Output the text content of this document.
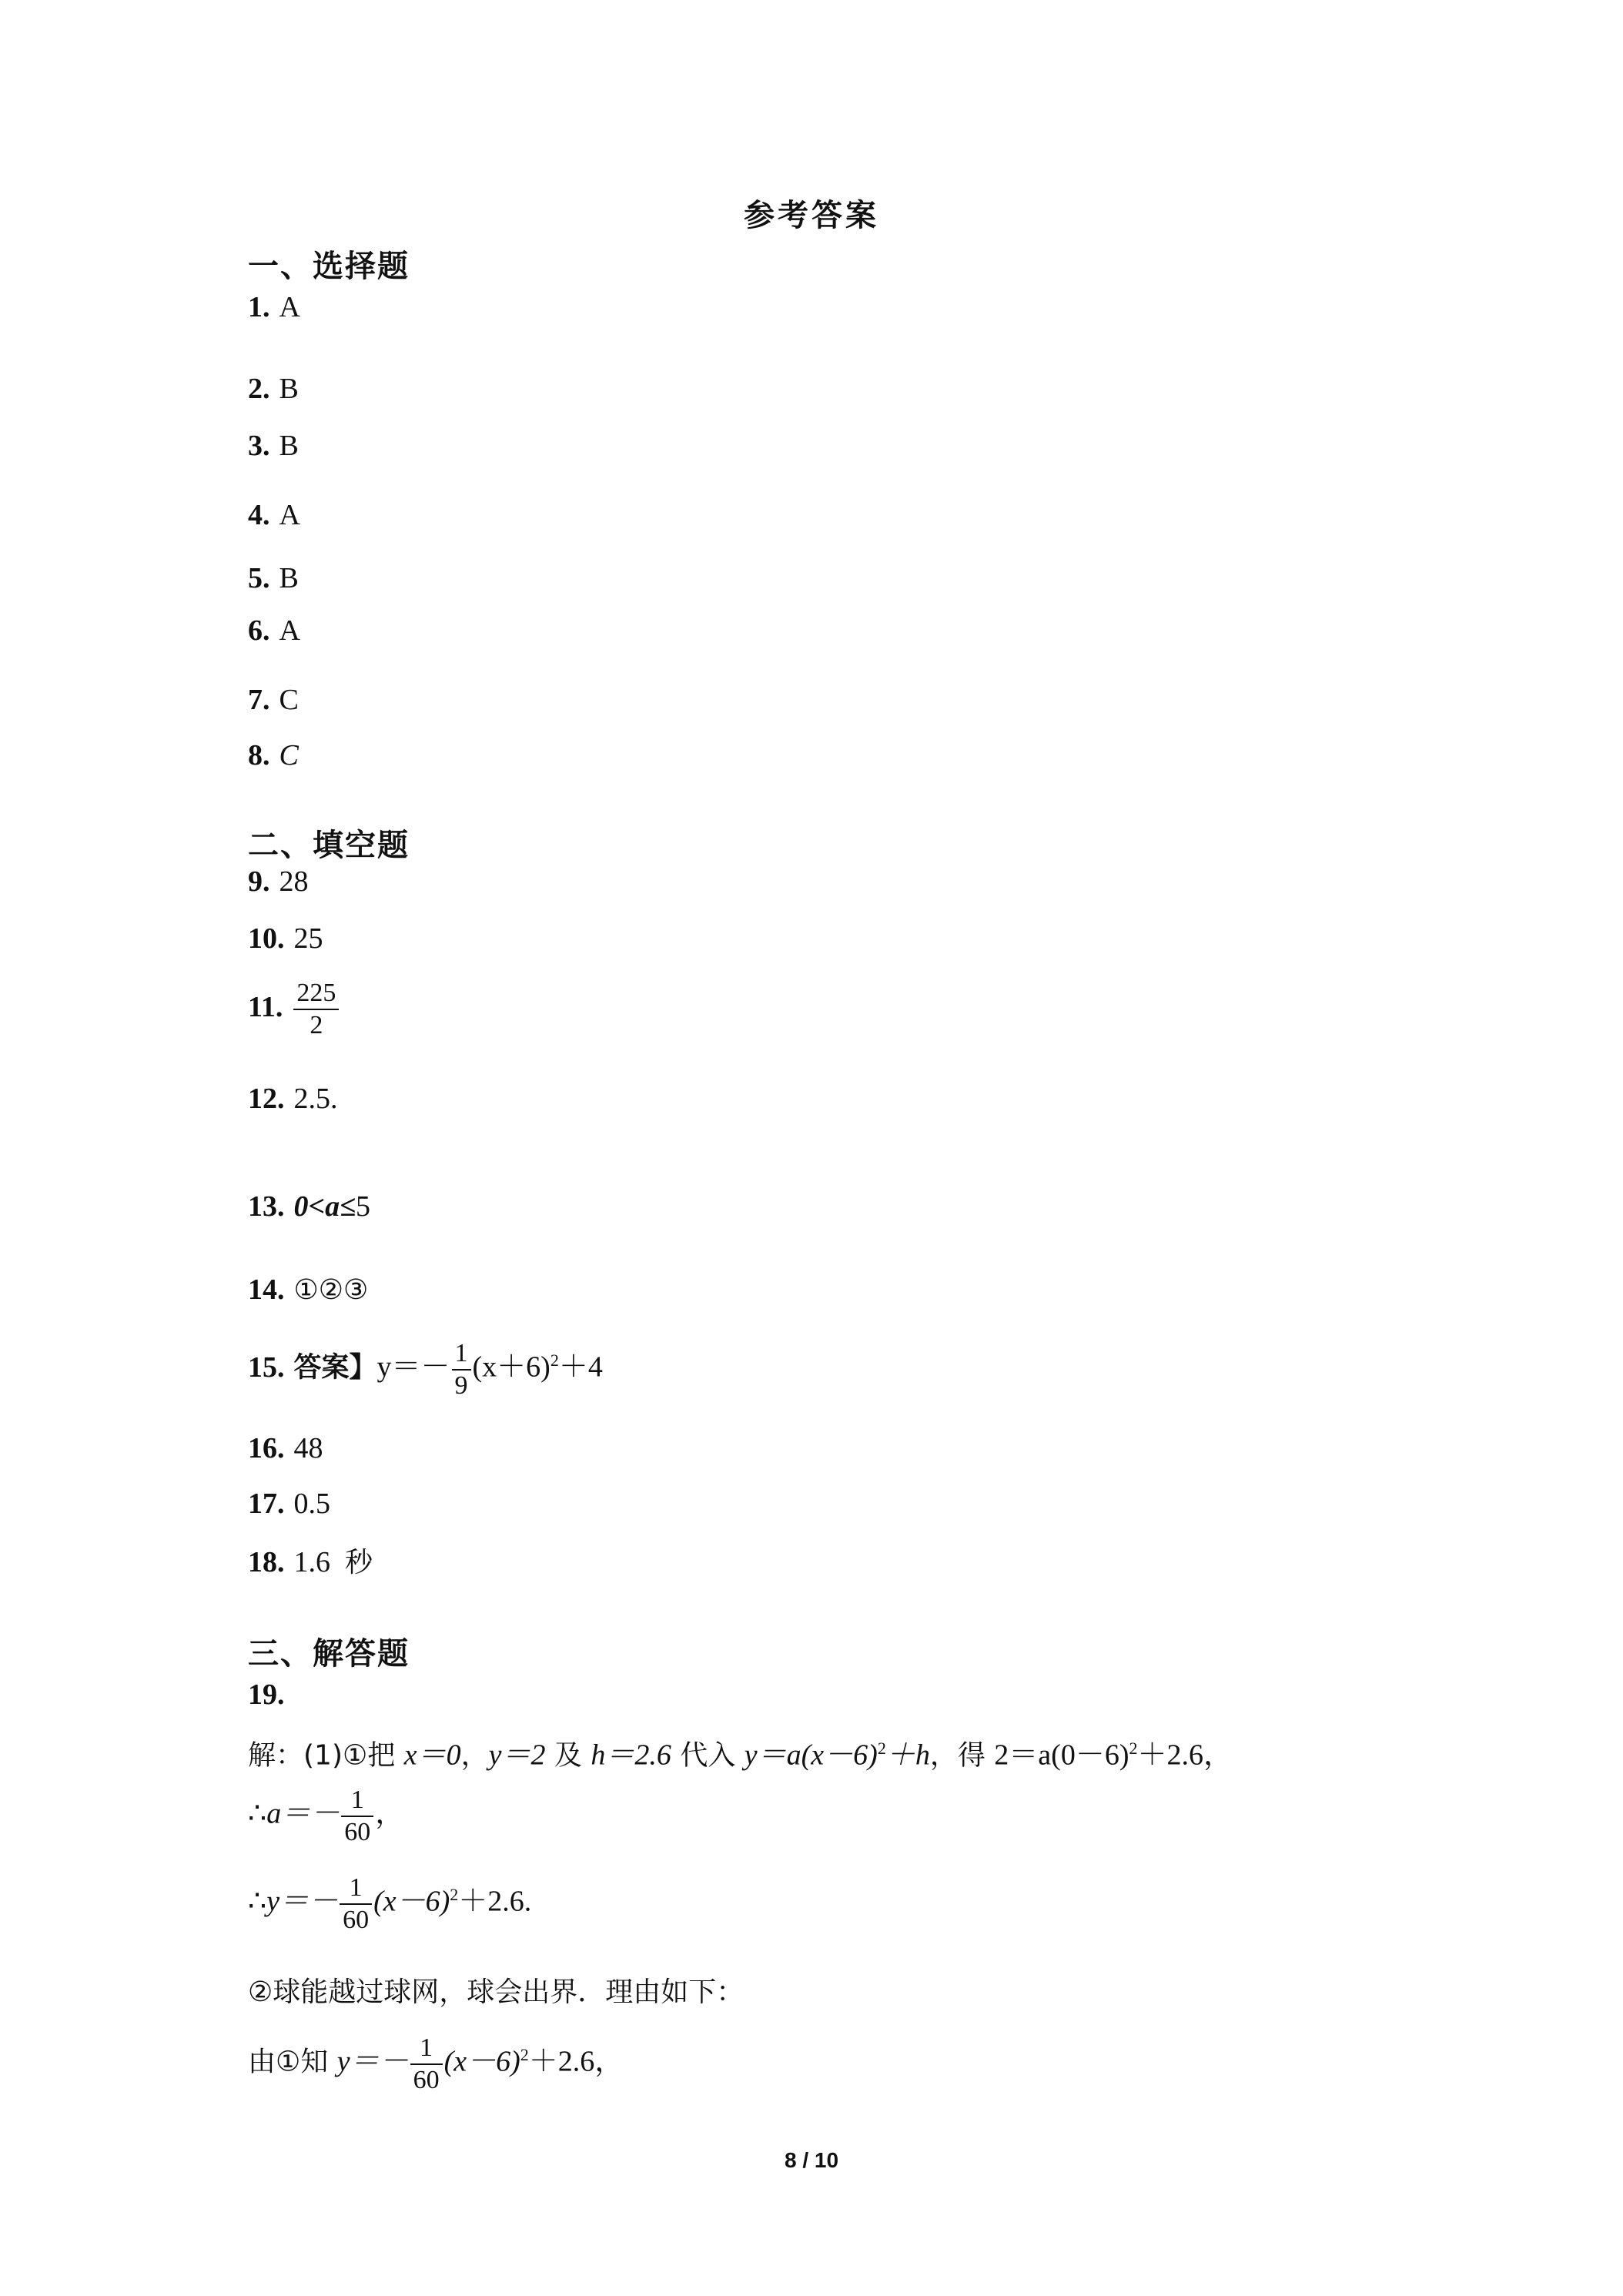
参考答案
一、选择题
1. A
2. B
3. B
4. A
5. B
6. A
7. C
8. C
二、填空题
9. 28
10. 25
11. $\frac{225}{2}$
12. 2.5.
13. 0<a≤5
14. ①②③
15. 答案】$y=- \frac{1}{9} (x+6)^2+4$
16. 48
17. 0.5
18. 1.6 秒
三、解答题
19.
解：(1)①把 x＝0，y＝2 及 h＝2.6 代入 $y=a(x-6)^2+h$，得 $2=a(0-6)^2+2.6$，
∴a＝－ $\frac{1}{60}$ ，
∴y＝－ $\frac{1}{60} (x-6)^2+2.6$.
②球能越过球网，球会出界．理由如下：
由①知 $y=- \frac{1}{60} (x-6)^2+2.6$，
8 / 10
